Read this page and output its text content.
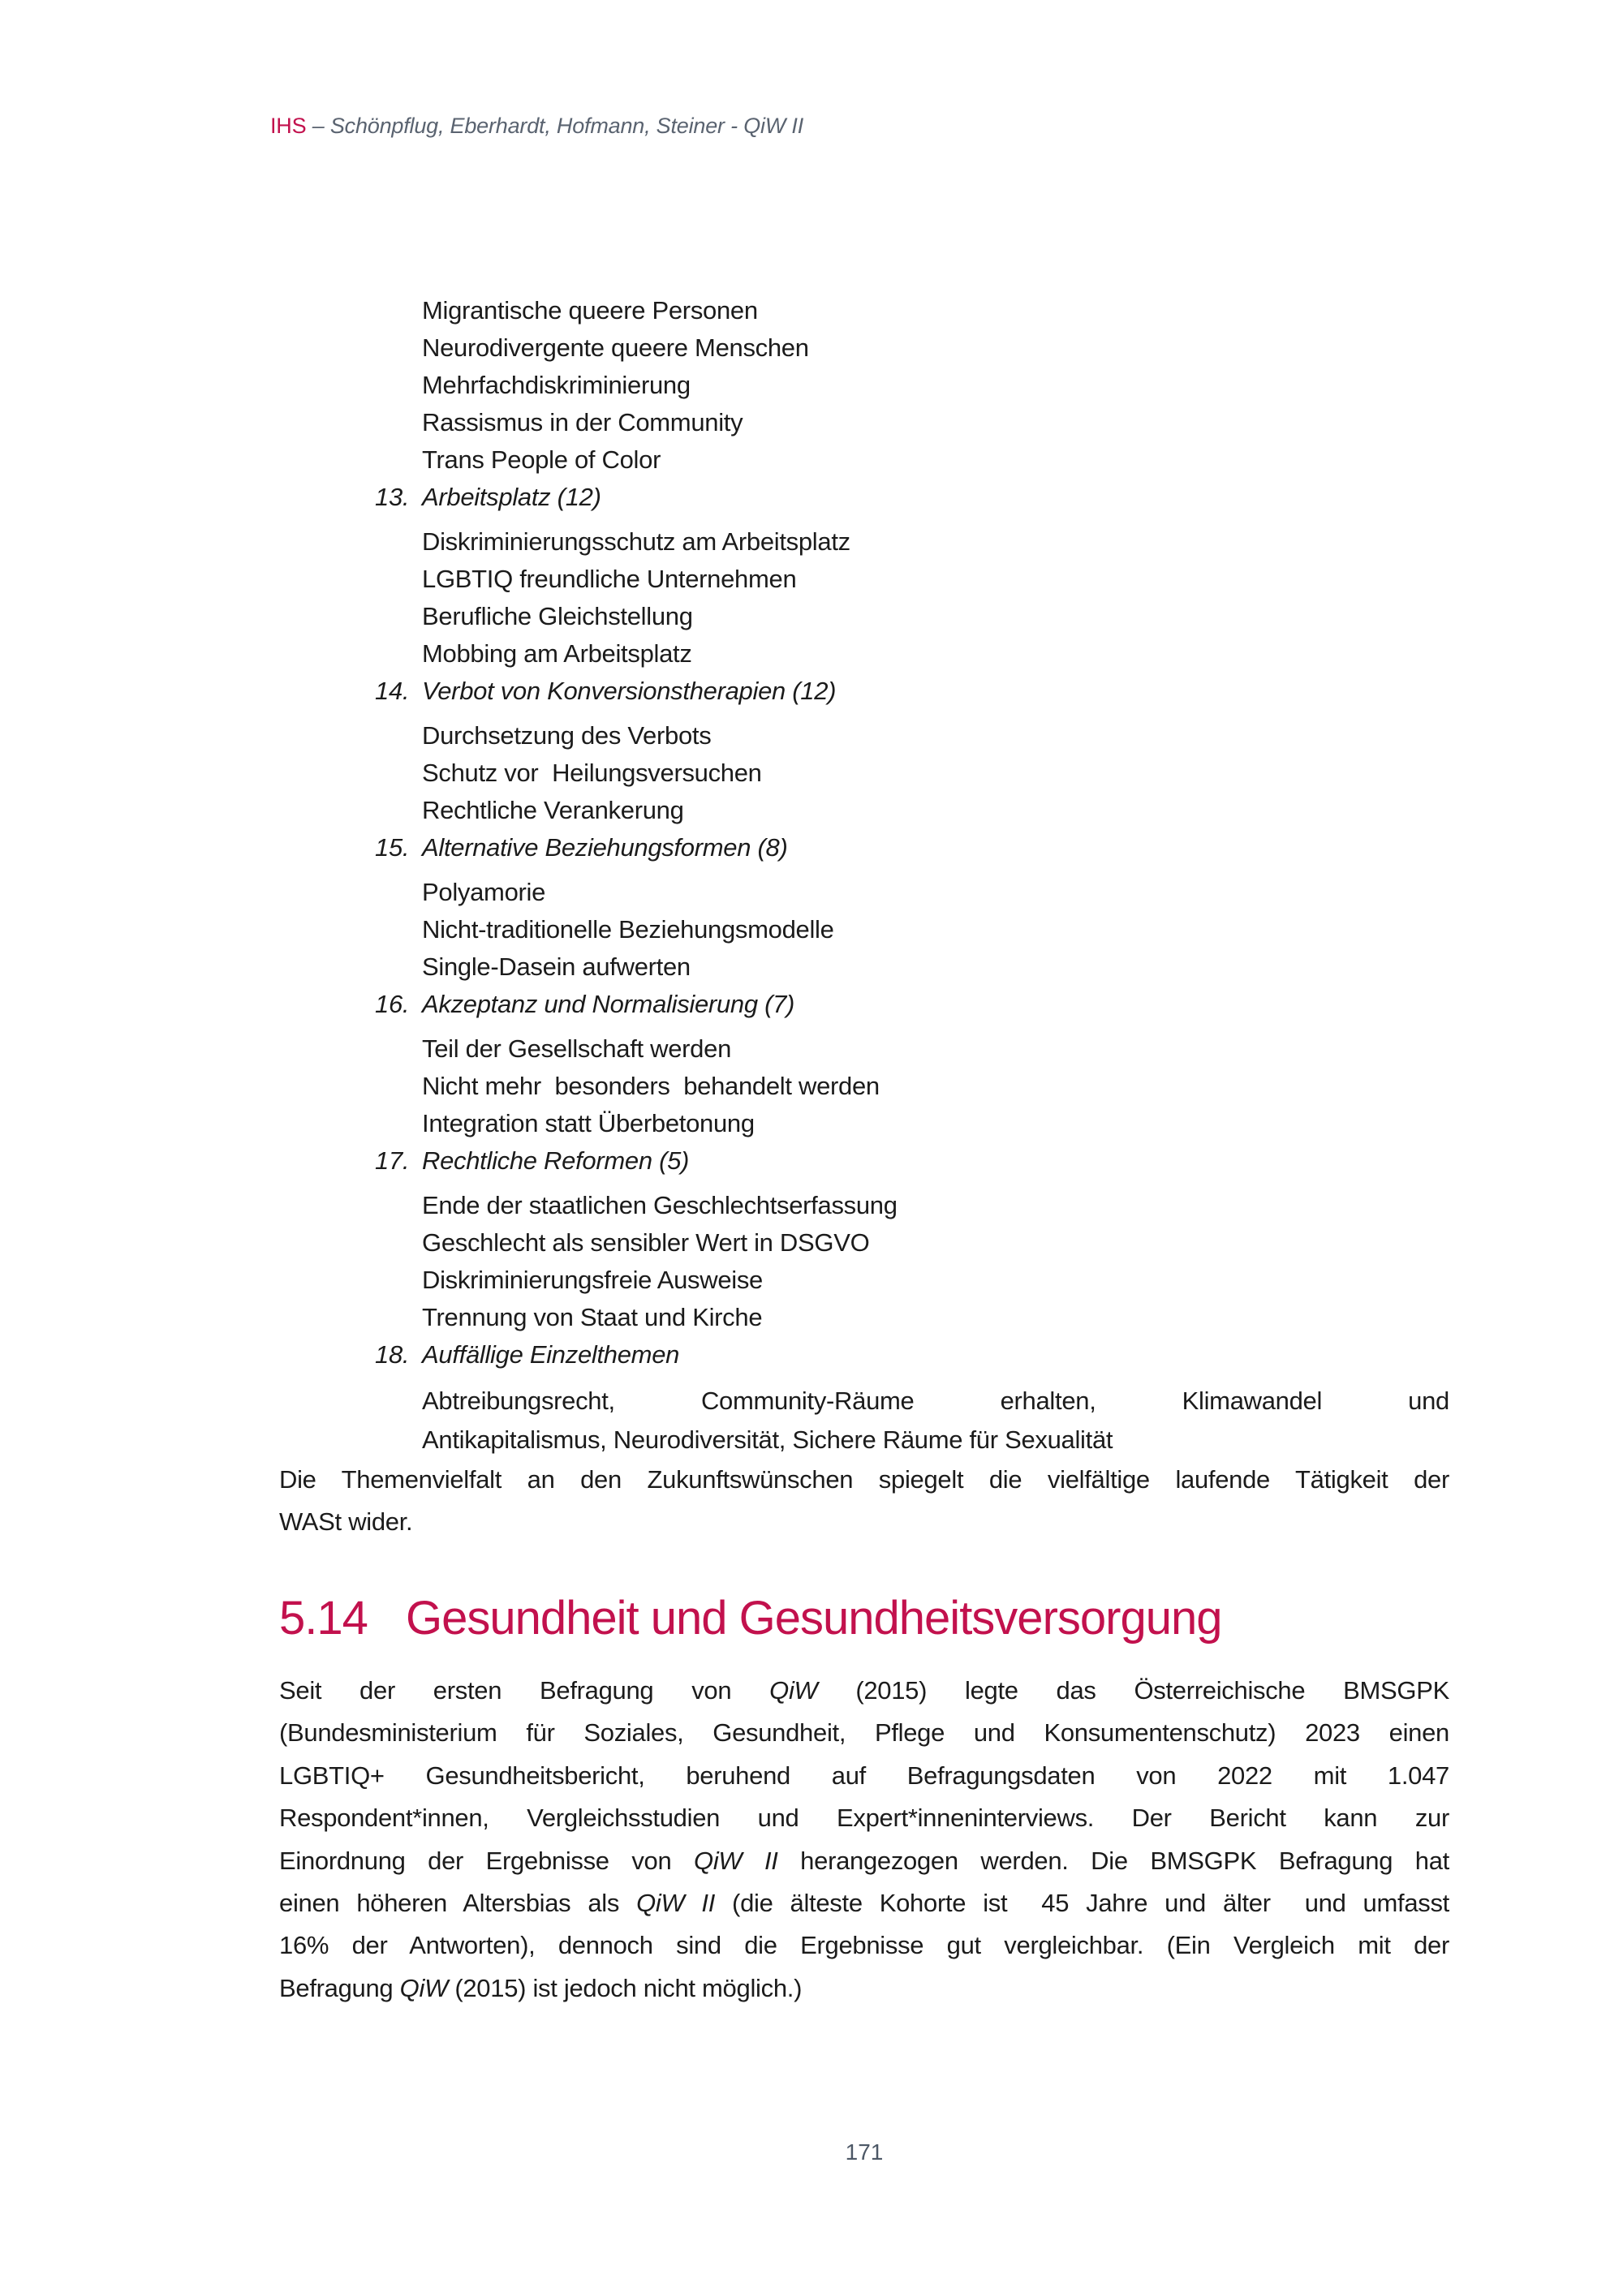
IHS – Schönpflug, Eberhardt, Hofmann, Steiner - QiW II
Migrantische queere Personen
Neurodivergente queere Menschen
Mehrfachdiskriminierung
Rassismus in der Community
Trans People of Color
13. Arbeitsplatz (12)
Diskriminierungsschutz am Arbeitsplatz
LGBTIQ freundliche Unternehmen
Berufliche Gleichstellung
Mobbing am Arbeitsplatz
14. Verbot von Konversionstherapien (12)
Durchsetzung des Verbots
Schutz vor  Heilungsversuchen
Rechtliche Verankerung
15. Alternative Beziehungsformen (8)
Polyamorie
Nicht-traditionelle Beziehungsmodelle
Single-Dasein aufwerten
16. Akzeptanz und Normalisierung (7)
Teil der Gesellschaft werden
Nicht mehr  besonders  behandelt werden
Integration statt Überbetonung
17. Rechtliche Reformen (5)
Ende der staatlichen Geschlechtserfassung
Geschlecht als sensibler Wert in DSGVO
Diskriminierungsfreie Ausweise
Trennung von Staat und Kirche
18. Auffällige Einzelthemen
Abtreibungsrecht, Community-Räume erhalten, Klimawandel und
Antikapitalismus, Neurodiversität, Sichere Räume für Sexualität
Die Themenvielfalt an den Zukunftswünschen spiegelt die vielfältige laufende Tätigkeit der
WASt wider.
5.14 Gesundheit und Gesundheitsversorgung
Seit der ersten Befragung von QiW (2015) legte das Österreichische BMSGPK
(Bundesministerium für Soziales, Gesundheit, Pflege und Konsumentenschutz) 2023 einen
LGBTIQ+ Gesundheitsbericht, beruhend auf Befragungsdaten von 2022 mit 1.047
Respondent*innen, Vergleichsstudien und Expert*inneninterviews. Der Bericht kann zur
Einordnung der Ergebnisse von QiW II herangezogen werden. Die BMSGPK Befragung hat
einen höheren Altersbias als QiW II (die älteste Kohorte ist  45 Jahre und älter  und umfasst
16% der Antworten), dennoch sind die Ergebnisse gut vergleichbar. (Ein Vergleich mit der
Befragung QiW (2015) ist jedoch nicht möglich.)
171
